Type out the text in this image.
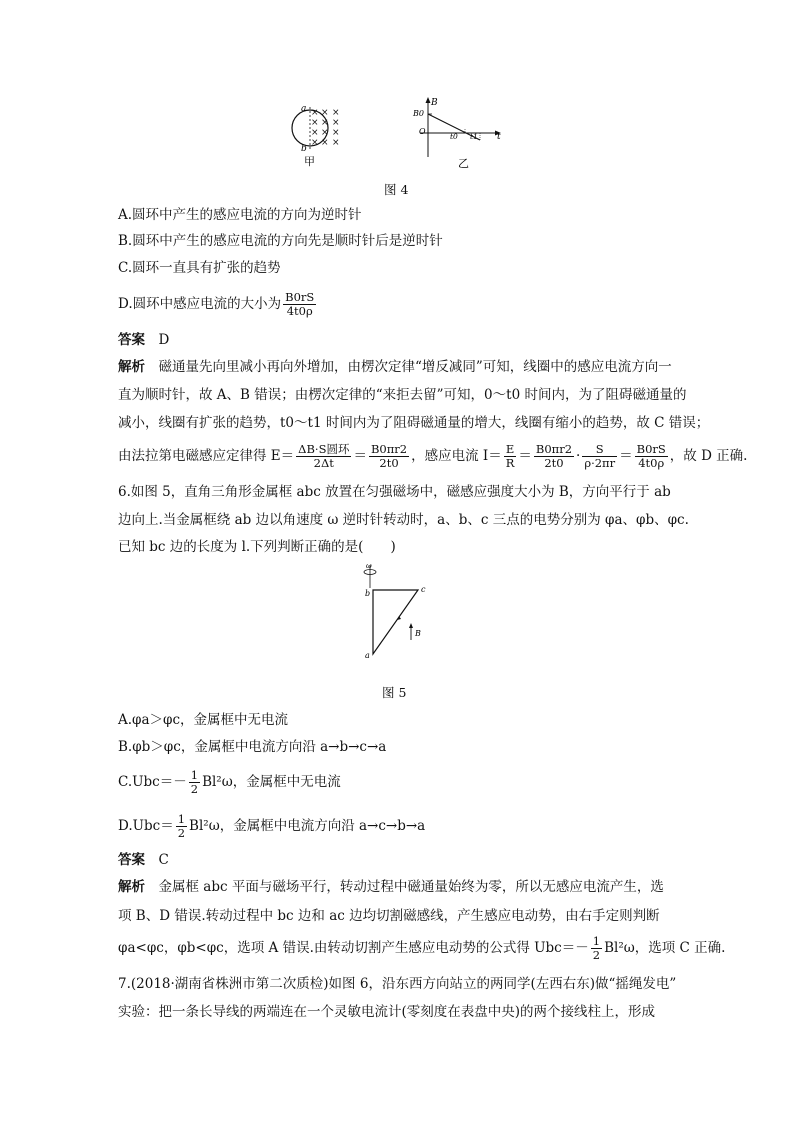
× × ×
× × ×
× × ×
× × ×
a
b
甲
B
B0
O
t0 t1 t
乙
图 4
A.圆环中产生的感应电流的方向为逆时针
B.圆环中产生的感应电流的方向先是顺时针后是逆时针
C.圆环一直具有扩张的趋势
D.圆环中感应电流的大小为 $\frac{B0rS}{4t0\rho}$
答案　 D
解析　 磁通量先向里减小再向外增加，由楞次定律“增反减同”可知，线圈中的感应电流方向一
直为顺时针，故 A、B 错误；由楞次定律的“来拒去留”可知，0～t0 时间内，为了阻碍磁通量的
减小，线圈有扩张的趋势，t0～t1 时间内为了阻碍磁通量的增大，线圈有缩小的趋势，故 C 错误；
由法拉第电磁感应定律得 $E= \frac{\text{ΔB·S圆环}}{2\Delta t} = \frac{B0\pi r2}{2t0}$ ，感应电流 $I= \frac{E}{R} = \frac{B0\pi r2}{2t0} \cdot \frac{S}{\rho\cdot 2\pi r} = \frac{B0rS}{4t0\rho}$ ，故 D 正确.
6.如图 5，直角三角形金属框 abc 放置在匀强磁场中，磁感应强度大小为 B，方向平行于 ab
边向上.当金属框绕 ab 边以角速度 ω 逆时针转动时，a、b、c 三点的电势分别为 φa、φb、φc.
已知 bc 边的长度为 l.下列判断正确的是(　　)
ω
b	c
a
B
图 5
A.φa＞φc，金属框中无电流
B.φb＞φc，金属框中电流方向沿 a→b→c→a
$C.Ubc=- \frac{1}{2} Bl^2\omega$，金属框中无电流
$D.Ubc= \frac{1}{2} Bl^2\omega$，金属框中电流方向沿 a→c→b→a
答案　 C
解析　 金属框 abc 平面与磁场平行，转动过程中磁通量始终为零，所以无感应电流产生，选
项 B、D 错误.转动过程中 bc 边和 ac 边均切割磁感线，产生感应电动势，由右手定则判断
φa<φc，φb<φc，选项 A 错误.由转动切割产生感应电动势的公式得 $Ubc=- \frac{1}{2} Bl^2\omega$，选项 C 正确.
7.(2018·湖南省株洲市第二次质检)如图 6，沿东西方向站立的两同学(左西右东)做“摇绳发电”
实验：把一条长导线的两端连在一个灵敏电流计(零刻度在表盘中央)的两个接线柱上，形成
